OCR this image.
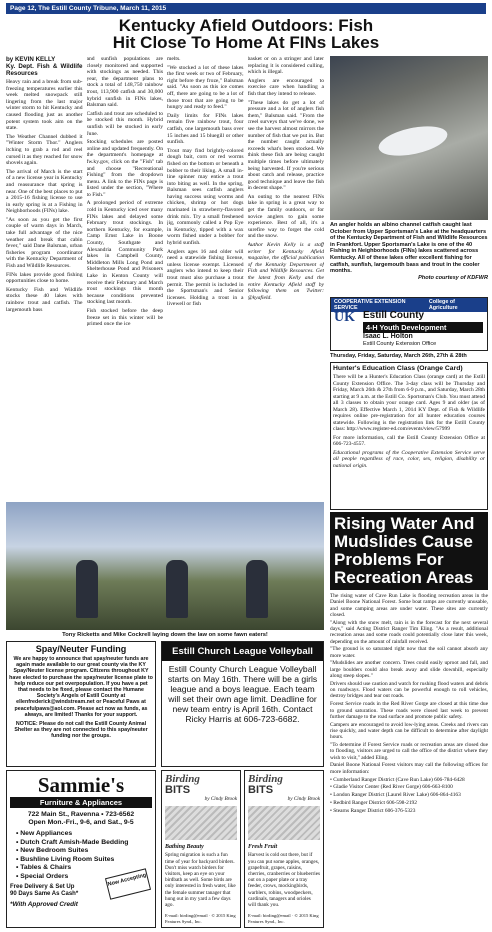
Page 12, The Estill County Tribune, March 11, 2015
Kentucky Afield Outdoors: Fish
Hit Close To Home At FINs Lakes
by KEVIN KELLY
Ky. Dept. Fish & Wildlife Resources

Heavy rain and a break from sub-freezing temperatures earlier this week melted snowpack still lingering from the last major winter storm to hit Kentucky and caused flooding just as another potent system took aim on the state.

The Weather Channel dubbed it "Winter Storm Thor." Anglers itching to grab a rod and reel cursed it as they reached for snow shovels again.

The arrival of March is the start of a new license year in Kentucky and reassurance that spring is near. One of the best places to put a 2015-16 fishing license to use in early spring is at a Fishing in Neighborhoods (FINs) lake.

"As soon as you get the first couple of warm days in March, take full advantage of the nice weather and break that cabin fever," said Dane Balsman, urban fisheries program coordinator with the Kentucky Department of Fish and Wildlife Resources.

FINs lakes provide good fishing opportunities close to home.

Kentucky Fish and Wildlife stocks these 40 lakes with rainbow trout and catfish. The largemouth bass

and sunfish populations are closely monitored and supported with stockings as needed. This year, the department plans to stock a total of 148,750 rainbow trout, 113,900 catfish and 30,000 hybrid sunfish in FINs lakes, Balsman said.

Catfish and trout are scheduled to be stocked this month. Hybrid sunfish will be stocked in early June.

Stocking schedules are posted online and updated frequently. On the department's homepage at fw.ky.gov, click on the "Fish" tab and choose "Recreational Fishing" from the dropdown menu. A link to the FINs page is listed under the section, "Where to Fish."

A prolonged period of extreme cold in Kentucky iced over many FINs lakes and delayed some February trout stockings. In northern Kentucky, for example, Camp Ernst Lake in Boone County, Southgate and Alexandria Community Park lakes in Campbell County, Middleton Mills Long Pond and Shelterhouse Pond and Prisoners Lake in Kenton County will receive their February and March trout stockings this month because conditions prevented stocking last month.

Fish stocked before the deep freeze set in this winter will be primed once the ice

melts.

"We stocked a lot of these lakes the first week or two of February, right before they froze," Balsman said. "As soon as this ice comes off, there are going to be a lot of those trout that are going to be hungry and ready to feed."

Daily limits for FINs lakes remain five rainbow trout, four catfish, one largemouth bass over 15 inches and 15 bluegill or other sunfish.

Trout may find brightly-colored dough bait, corn or red worms fished on the bottom or beneath a bobber to their liking. A small in-line spinner may entice a trout into biting as well. In the spring, Balsman sees catfish anglers having success using worms and chicken, shrimp or hot dogs marinated in strawberry-flavored drink mix. Try a small freshened jig, commonly called a Pop Eye in Kentucky, tipped with a wax worm fished under a bobber for hybrid sunfish.

Anglers ages 16 and older will need a statewide fishing license, unless license exempt. Licensed anglers who intend to keep their trout must also purchase a trout permit. The permit is included in the Sportsman's and Senior licenses. Holding a trout in a livewell or fish

basket or on a stringer and later replacing it is considered culling, which is illegal.

Anglers are encouraged to exercise care when handling a fish that they intend to release.

"These lakes do get a lot of pressure and a lot of anglers fish them," Balsman said. "From the creel surveys that we've done, we see the harvest almost mirrors the number of fish that we put in. But the number caught actually exceeds what's been stocked. We think these fish are being caught multiple times before ultimately being harvested. If you're serious about catch and release, practice good technique and leave the fish in decent shape."

An outing to the nearest FINs lake in spring is a great way to get the family outdoors, or for novice anglers to gain some experience. Best of all, it's a surefire way to forget the cold and the snow.

Author Kevin Kelly is a staff writer for Kentucky Afield magazine, the official publication of the Kentucky Department of Fish and Wildlife Resources. Get the latest from Kelly and the entire Kentucky Afield staff by following them on Twitter: @kyafield.

An angler holds an albino channel catfish caught last October from Upper Sportsman's Lake at the headquarters of the Kentucky Department of Fish and Wildlife Resources in Frankfort. Upper Sportsman's Lake is one of the 40 Fishing in Neighborhoods (FINs) lakes scattered across Kentucky. All of these lakes offer excellent fishing for catfish, sunfish, largemouth bass and trout in the cooler months.
Photo courtesy of KDFWR
Tony Ricketts and Mike Cockrell laying down the law on some fawn eaters!
COOPERATIVE EXTENSION SERVICE
College of Agriculture
UK Estill County
4-H Youth Development
Isaac L. Holton
Estill County Extension Office
Thursday, Friday, Saturday, March 26th, 27th & 28th
Hunter's Education Class (Orange Card)

There will be a Hunter's Education Class (orange card) at the Estill County Extension Office. The 3-day class will be Thursday and Friday, March 26th & 27th from 6-9 p.m., and Saturday, March 28th starting at 9 a.m. at the Estill Co. Sportsman's Club. You must attend all 3 classes to obtain your orange card. Ages 9 and older (as of March 28). Effective March 1, 2014 KY Dept. of Fish & Wildlife requires online pre-registration for all hunter education courses statewide. Following is the registration link for the Estill County class: http://www.register-ed.com/events/view/57999

For more information, call the Estill County Extension Office at 606-723-4557.

Educational programs of the Cooperative Extension Service serve all people regardless of race, color, sex, religion, disability or national origin.

Rising Water And Mudslides Cause Problems For Recreation Areas

The rising water of Cave Run Lake is flooding recreation areas in the Daniel Boone National Forest. Some boat ramps are currently unusable, and some camping areas are under water. These sites are currently closed.

"Along with the snow melt, rain is in the forecast for the next several days," said Acting District Ranger Tim Eling. "As a result, additional recreation areas and some roads could potentially close later this week, depending on the amount of rainfall received.

"The ground is so saturated right now that the soil cannot absorb any more water.

"Mudslides are another concern. Trees could easily uproot and fall, and large boulders could also break away and slide downhill, especially along steep slopes."

Drivers should use caution and watch for rushing flood waters and debris on roadways. Flood waters can be powerful enough to roll vehicles, destroy bridges and tear out roads.

Forest Service roads in the Red River Gorge are closed at this time due to ground saturation. These roads were closed last week to prevent further damage to the road surface and promote public safety.

Campers are encouraged to avoid low-lying areas. Creeks and rivers can rise quickly, and water depth can be difficult to determine after daylight hours.

"To determine if Forest Service roads or recreation areas are closed due to flooding, visitors are urged to call the office of the district where they wish to visit," added Eling.

Daniel Boone National Forest visitors may call the following offices for more information:

• Cumberland Ranger District (Cave Run Lake) 606-784-6428

• Gladie Visitor Center (Red River Gorge) 606-663-8100

• London Ranger District (Laurel River Lake) 606-864-4163

• Redbird Ranger District 606-598-2192

• Stearns Ranger District 606-376-5323

Spay/Neuter Funding

We are happy to announce that spay/neuter funds are again made available to our great county via the KY Spay/Neuter license program. Citizens throughout KY have elected to purchase the spay/neuter license plate to help reduce our pet overpopulation. If you have a pet that needs to be fixed, please contact the Humane Society's Angels of Estill County at ellenfrederick@windstream.net or Peaceful Paws at peacefulpaws@aol.com. Please act now as funds, as always, are limited! Thanks for your support.

NOTICE: Please do not call the Estill County Animal Shelter as they are not connected to this spay/neuter funding nor the groups.

Estill Church League Volleyball
Estill County Church League Volleyball starts on May 16th. There will be a girls league and a boys league. Each team will set their own age limit. Deadline for new team entry is April 16th. Contact Ricky Harris at 606-723-6682.
Sammie's
Furniture & Appliances
722 Main St., Ravenna • 723-6562
Open Mon.-Fri., 9-6, and Sat., 9-5
• New Appliances
• Dutch Craft Amish-Made Bedding
• New Bedroom Suites
• Bushline Living Room Suites
• Tables & Chairs
• Special Orders
Free Delivery & Set Up
90 Days Same As Cash*
*With Approved Credit
Now Accepting
Birding
BITS
by Cindy Brook
Bathing Beauty
Spring migration is such a fun time of year for backyard birders. Don't miss watch birders for visitors, keep an eye on your birdbath as well. Some birds are only interested in fresh water, like the female summer tanager that hung out in my yard a few days ago.
E-mail: birding@email · © 2015 King Features Synd., Inc.
Birding
BITS
by Cindy Brook
Fresh Fruit
Harvest is cold out there, but if you can put some apples, oranges, grapefruit, grapes, raisins, cherries, cranberries or blueberries out on a paper plate or a tray feeder, crows, mockingbirds, warblers, robins, woodpeckers, cardinals, tanagers and orioles will thank you.
E-mail: birding@email · © 2015 King Features Synd., Inc.
